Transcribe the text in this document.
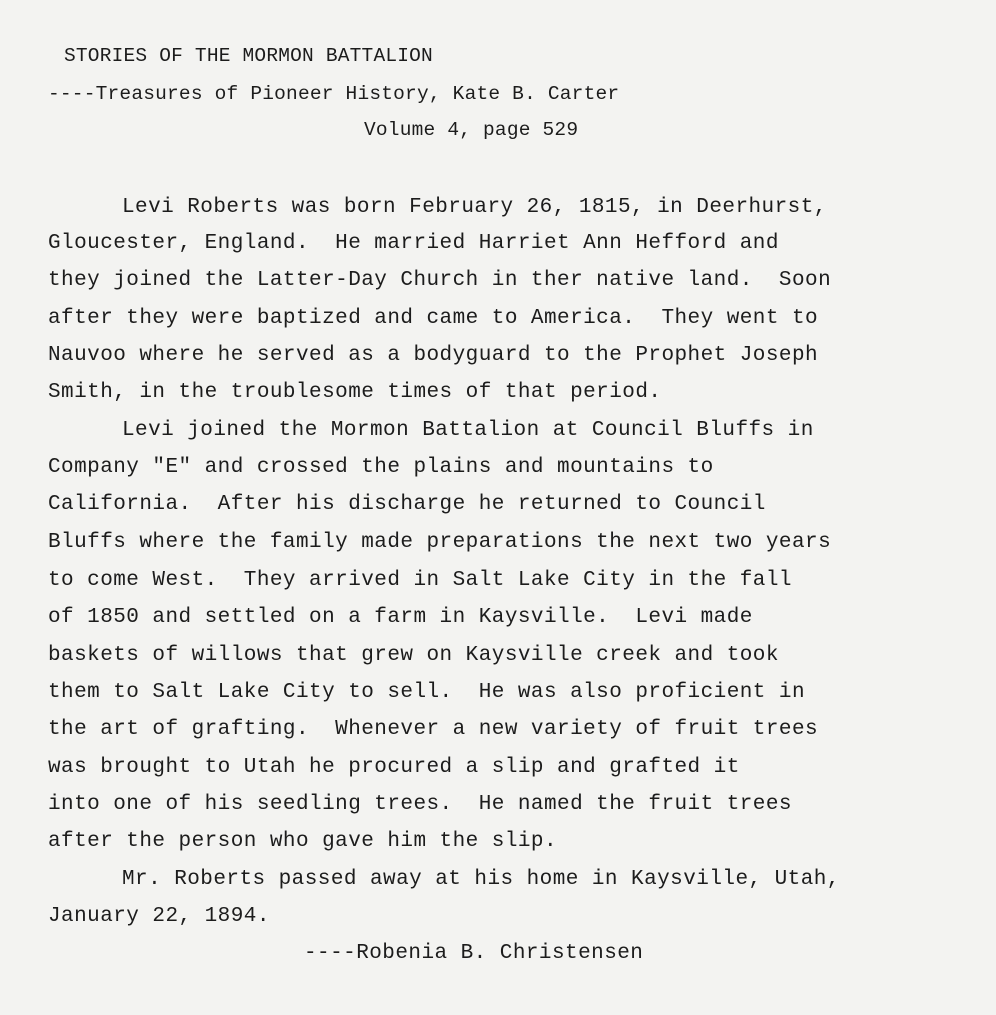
STORIES OF THE MORMON BATTALION
----Treasures of Pioneer History, Kate B. Carter
Volume 4, page 529
Levi Roberts was born February 26, 1815, in Deerhurst,
Gloucester, England.  He married Harriet Ann Hefford and
they joined the Latter-Day Church in ther native land.  Soon
after they were baptized and came to America.  They went to
Nauvoo where he served as a bodyguard to the Prophet Joseph
Smith, in the troublesome times of that period.
Levi joined the Mormon Battalion at Council Bluffs in
Company "E" and crossed the plains and mountains to
California.  After his discharge he returned to Council
Bluffs where the family made preparations the next two years
to come West.  They arrived in Salt Lake City in the fall
of 1850 and settled on a farm in Kaysville.  Levi made
baskets of willows that grew on Kaysville creek and took
them to Salt Lake City to sell.  He was also proficient in
the art of grafting.  Whenever a new variety of fruit trees
was brought to Utah he procured a slip and grafted it
into one of his seedling trees.  He named the fruit trees
after the person who gave him the slip.
Mr. Roberts passed away at his home in Kaysville, Utah,
January 22, 1894.
----Robenia B. Christensen
